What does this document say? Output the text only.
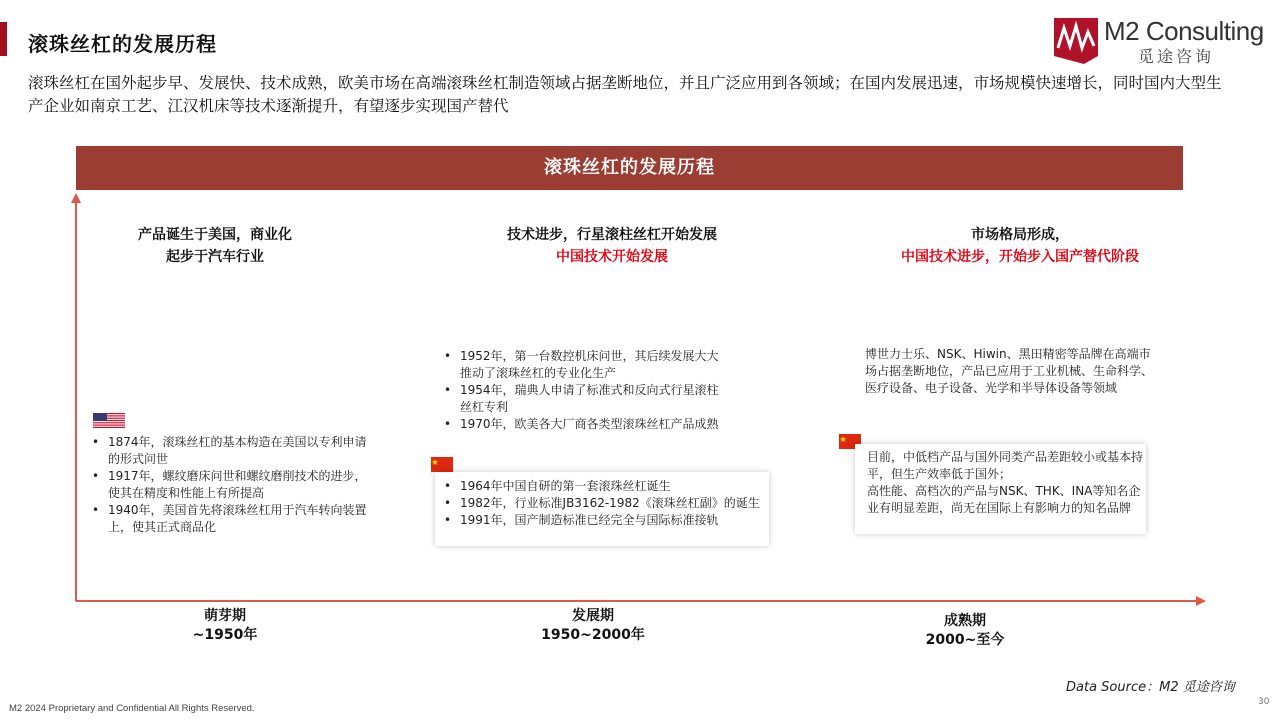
滚珠丝杠的发展历程	M2 Consulting
觅途咨询
滚珠丝杠在国外起步早、发展快、技术成熟，欧美市场在高端滚珠丝杠制造领域占据垄断地位，并且广泛应用到各领域；在国内发展迅速，市场规模快速增长，同时国内大型生产企业如南京工艺、江汉机床等技术逐渐提升，有望逐步实现国产替代
滚珠丝杠的发展历程
产品诞生于美国，商业化
起步于汽车行业
• 1874年，滚珠丝杠的基本构造在美国以专利申请的形式问世
• 1917年，螺纹磨床问世和螺纹磨削技术的进步，使其在精度和性能上有所提高
• 1940年，美国首先将滚珠丝杠用于汽车转向装置上，使其正式商品化
萌芽期
~1950年
技术进步，行星滚柱丝杠开始发展
中国技术开始发展
• 1952年，第一台数控机床问世，其后续发展大大推动了滚珠丝杠的专业化生产
• 1954年，瑞典人申请了标准式和反向式行星滚柱丝杠专利
• 1970年，欧美各大厂商各类型滚珠丝杠产品成熟
• 1964年中国自研的第一套滚珠丝杠诞生
• 1982年，行业标准JB3162-1982《滚珠丝杠副》的诞生
• 1991年，国产制造标准已经完全与国际标准接轨
发展期
1950~2000年
市场格局形成，
中国技术进步，开始步入国产替代阶段
博世力士乐、NSK、Hiwin、黑田精密等品牌在高端市场占据垄断地位，产品已应用于工业机械、生命科学、医疗设备、电子设备、光学和半导体设备等领域
目前，中低档产品与国外同类产品差距较小或基本持平，但生产效率低于国外；
高性能、高档次的产品与NSK、THK、INA等知名企业有明显差距，尚无在国际上有影响力的知名品牌
成熟期
2000~至今
Data Source：M2 觅途咨询
M2 2024 Proprietary and Confidential All Rights Reserved.
30
